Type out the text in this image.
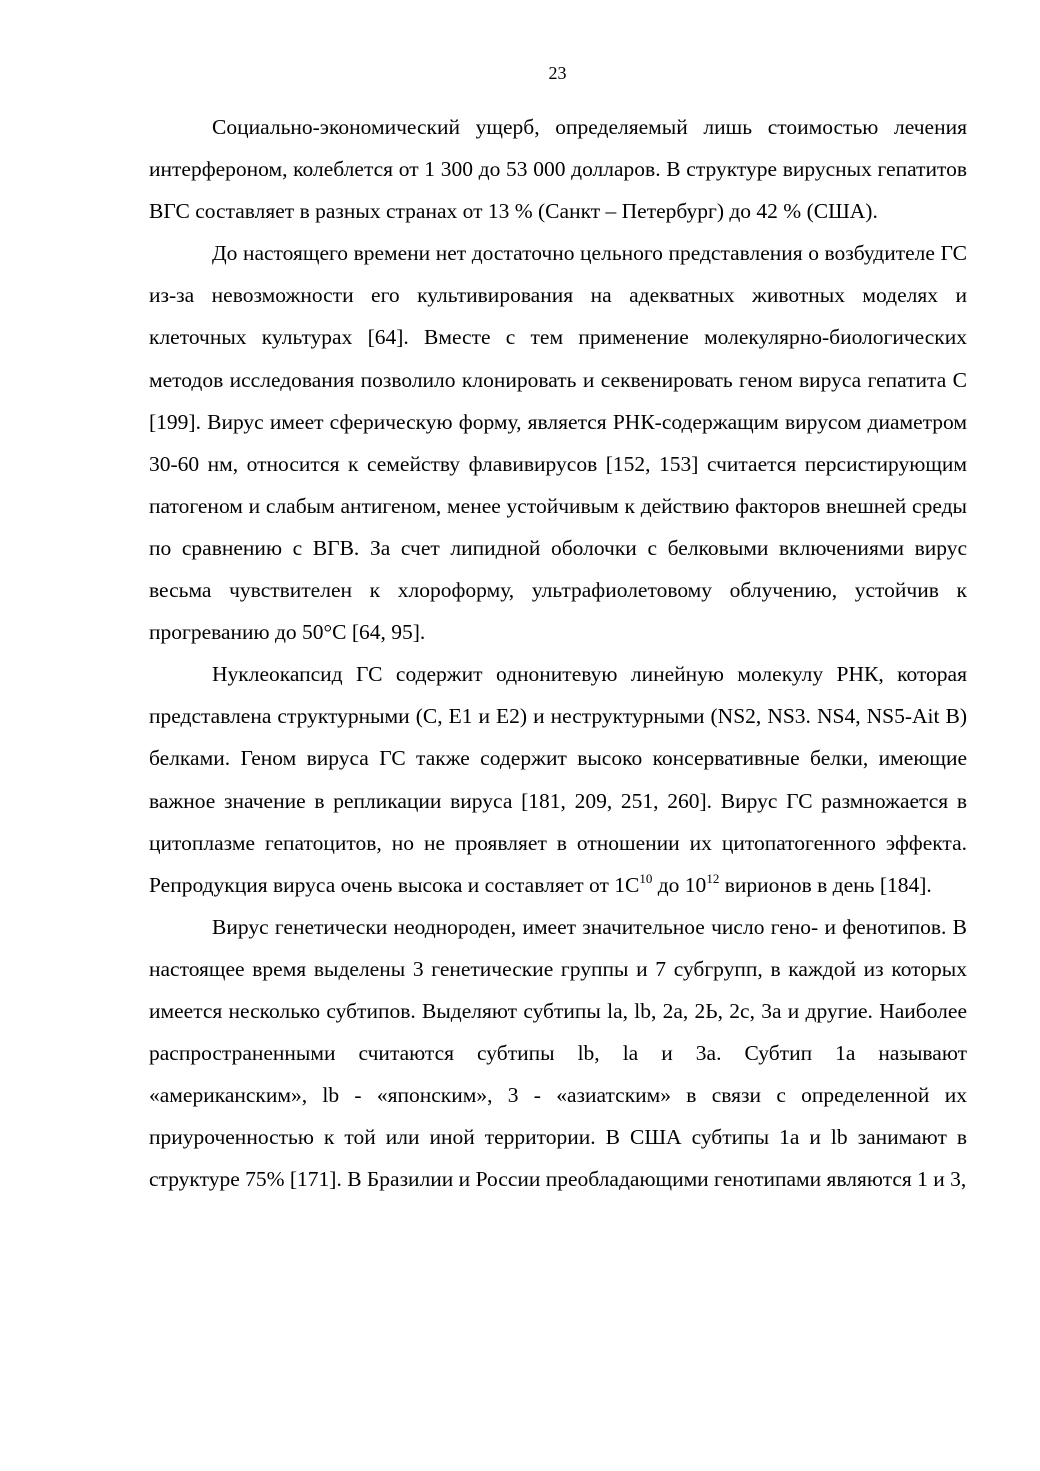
23

Социально-экономический ущерб, определяемый лишь стоимостью лечения интерфероном, колеблется от 1 300 до 53 000 долларов. В структуре вирусных гепатитов ВГС составляет в разных странах от 13 % (Санкт – Петербург) до 42 % (США).

До настоящего времени нет достаточно цельного представления о возбудителе ГС из-за невозможности его культивирования на адекватных животных моделях и клеточных культурах [64]. Вместе с тем применение молекулярно-биологических методов исследования позволило клонировать и секвенировать геном вируса гепатита С [199]. Вирус имеет сферическую форму, является РНК-содержащим вирусом диаметром 30-60 нм, относится к семейству флавивирусов [152, 153] считается персистирующим патогеном и слабым антигеном, менее устойчивым к действию факторов внешней среды по сравнению с ВГВ. За счет липидной оболочки с белковыми включениями вирус весьма чувствителен к хлороформу, ультрафиолетовому облучению, устойчив к прогреванию до 50°С [64, 95].

Нуклеокапсид ГС содержит однонитевую линейную молекулу РНК, которая представлена структурными (С, Е1 и Е2) и неструктурными (NS2, NS3. NS4, NS5-Ait В) белками. Геном вируса ГС также содержит высоко консервативные белки, имеющие важное значение в репликации вируса [181, 209, 251, 260]. Вирус ГС размножается в цитоплазме гепатоцитов, но не проявляет в отношении их цитопатогенного эффекта. Репродукция вируса очень высока и составляет от $1С^{10}$ до $10^{12}$ вирионов в день [184].

Вирус генетически неоднороден, имеет значительное число гено- и фенотипов. В настоящее время выделены 3 генетические группы и 7 субгрупп, в каждой из которых имеется несколько субтипов. Выделяют субтипы la, lb, 2a, 2Ь, 2с, 3а и другие. Наиболее распространенными считаются субтипы lb, la и 3а. Субтип 1а называют «американским», lb - «японским», 3 - «азиатским» в связи с определенной их приуроченностью к той или иной территории. В США субтипы 1а и lb занимают в структуре 75% [171]. В Бразилии и России преобладающими генотипами являются 1 и 3,
